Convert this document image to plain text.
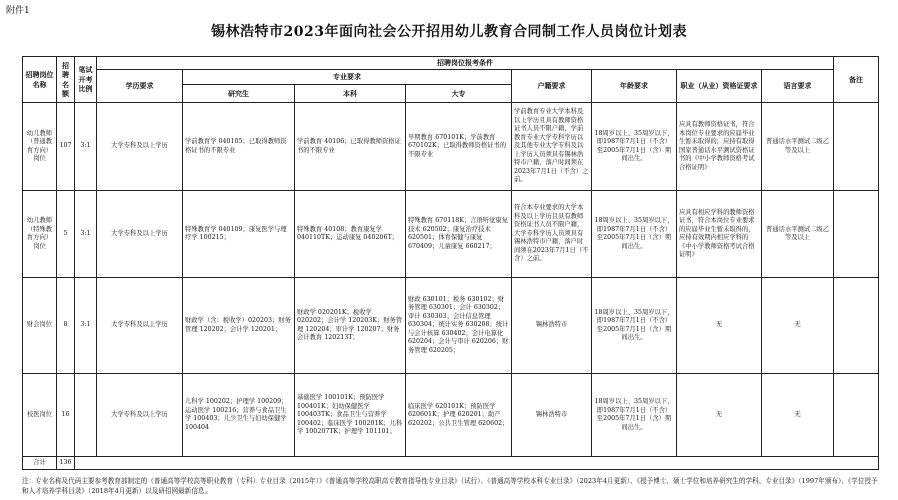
附件1
锡林浩特市2023年面向社会公开招用幼儿教育合同制工作人员岗位计划表
招聘岗位名称	招聘名额	笔试开考比例	招聘岗位报考条件								备注
			学历要求	专业要求			户籍要求	年龄要求	职业（从业）资格证要求	语言要求	
				研究生	本科	大专					
幼儿教师（普通教育方向）岗位	107	3:1	大学专科及以上学历	学前教育学 040105；已取得教师资格证书的不限专业	学前教育 40106；已取得教师资格证书的不限专业	早期教育 670101K；学前教育 670102K；已取得教师资格证书的不限专业	学前教育专业大学本科及以上学历且具有教师资格证书人员不限户籍，学前教育专业大学专科学历以及其他专业大学专科及以上学历人员须具有锡林浩特市户籍，落户时间须在2023年7月1日（不含）之前。	18周岁以上、35周岁以下，即1987年7月1日（不含）至2005年7月1日（含）期间出生。	应具有教师资格证书，符合本岗位专业要求的应届毕业生暂未取得的，应持有取得国家普通话水平测试资格证书的《中小学教师资格考试合格证明》	普通话水平测试二级乙等及以上	
幼儿教师（特殊教育方向）岗位	5	3:1	大学专科及以上学历	特殊教育学 040109；康复医学与理疗学 100215；	特殊教育 40108；教育康复学 040110TK；运动康复 040206T；	特殊教育 670118K；言语听觉康复技术 620502；康复治疗技术 620501；体育保健与康复 670409；儿童康复 660217；	符合本专业要求的大学本科及以上学历且具有教师资格证书人员不限户籍，大学专科学历人员须具有锡林浩特市户籍，落户时间须在2023年7月1日（不含）之前。	18周岁以上、35周岁以下，即1987年7月1日（不含）至2005年7月1日（含）期间出生。	应具有相应学科的教师资格证书，符合本岗位专业要求的应届毕业生暂未取得的，应持有效期内相应学科的《中小学教师资格考试合格证明》	普通话水平测试二级乙等及以上	
财会岗位	8	3:1	大学专科及以上学历	财政学（含：税收学）020203；财务管理 120202；会计学 120201；	财政学 020201K；税收学 020202；会计学 120203K；财务管理 120204；审计学 120207；财务会计教育 120213T；	财政 630101；税务 630102；财务管理 630301；会计 630302；审计 630303；会计信息管理 630304；统计实务 630208；统计与会计核算 630402；会计电算化 620204；会计与审计 620206；财务管理 620205；	锡林浩特市	18周岁以上、35周岁以下，即1987年7月1日（不含）至2005年7月1日（含）期间出生。	无	无	
校医岗位	16		大学专科及以上学历	儿科学 100202；护理学 100209；运动医学 100216；营养与食品卫生学 100403；儿少卫生与妇幼保健学 100404	基础医学 100101K；预防医学 100401K；妇幼保健医学 100403TK；食品卫生与营养学 100402；临床医学 100201K；儿科学 100207TK；护理学 101101；	临床医学 620101K；预防医学 620601K；护理 620201；助产 620202；公共卫生管理 620602；	锡林浩特市	18周岁以上、35周岁以下，即1987年7月1日（不含）至2005年7月1日（含）期间出生。	无	无	
合计	136										
注：专业名称及代码主要参考教育部制定的《普通高等学校高等职业教育（专科）专业目录（2015年）》《普通高等学校高职高专教育指导性专业目录》（试行）、《普通高等学校本科专业目录》（2023年4月更新）、《授予博士、硕士学位和培养研究生的学科、专业目录》（1997年颁布）、《学位授予和人才培养学科目录》（2018年4月更新）以及研招网最新信息。
